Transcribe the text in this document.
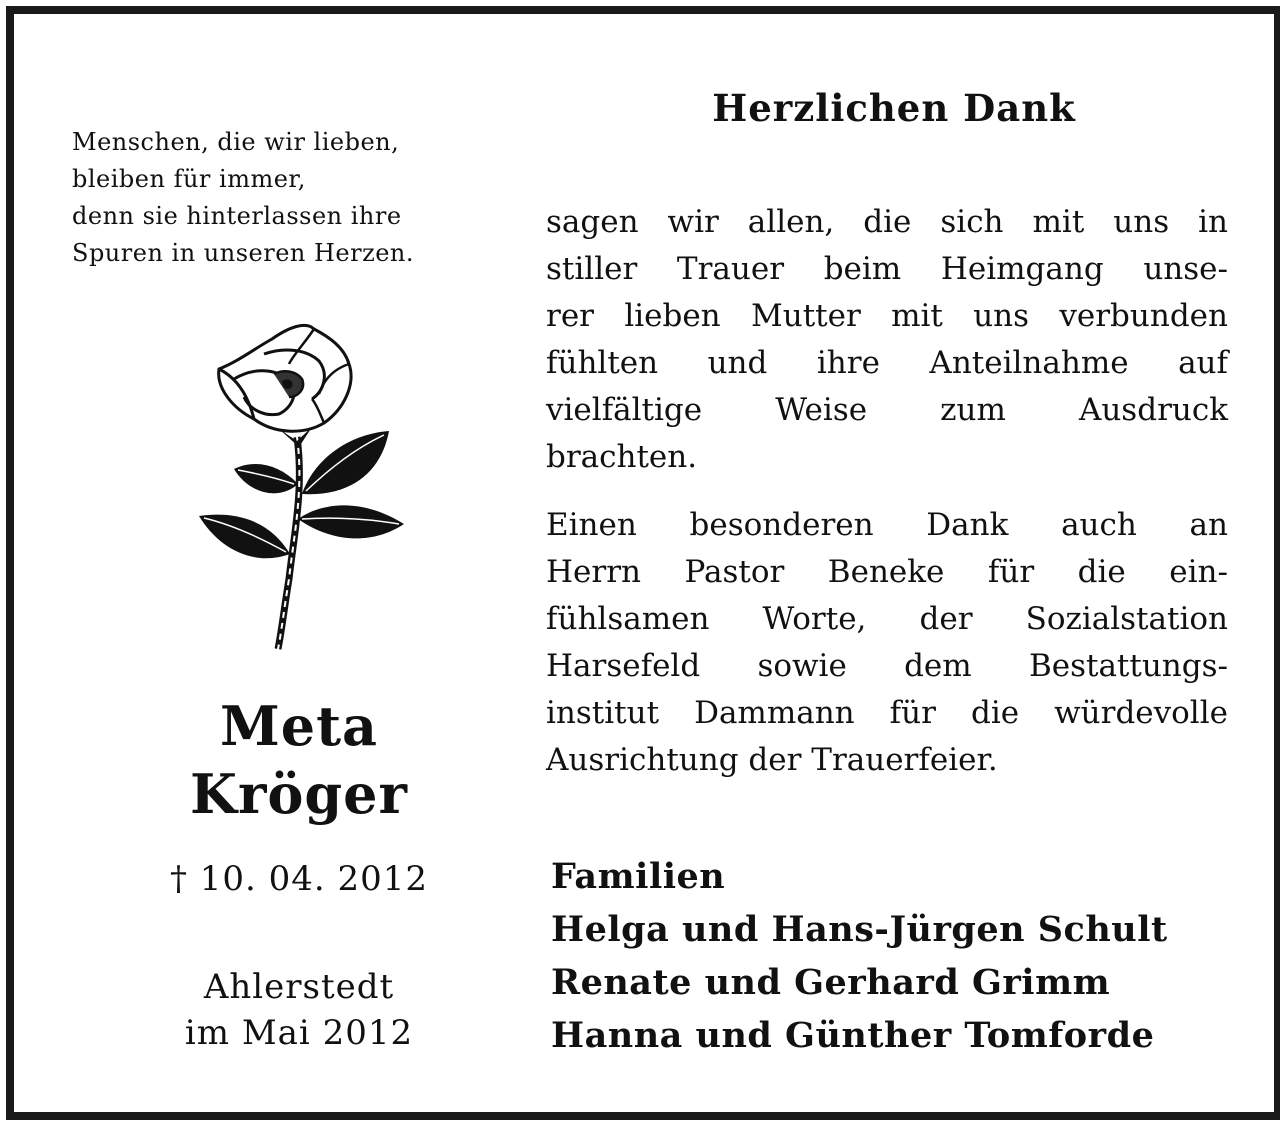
Menschen, die wir lieben,
bleiben für immer,
denn sie hinterlassen ihre
Spuren in unseren Herzen.
Meta
Kröger
† 10. 04. 2012
Ahlerstedt
im Mai 2012
Herzlichen Dank
sagen wir allen, die sich mit uns in
stiller Trauer beim Heimgang unse-
rer lieben Mutter mit uns verbunden
fühlten und ihre Anteilnahme auf
vielfältige Weise zum Ausdruck
brachten.
Einen besonderen Dank auch an
Herrn Pastor Beneke für die ein-
fühlsamen Worte, der Sozialstation
Harsefeld sowie dem Bestattungs-
institut Dammann für die würdevolle
Ausrichtung der Trauerfeier.
Familien
Helga und Hans-Jürgen Schult
Renate und Gerhard Grimm
Hanna und Günther Tomforde
